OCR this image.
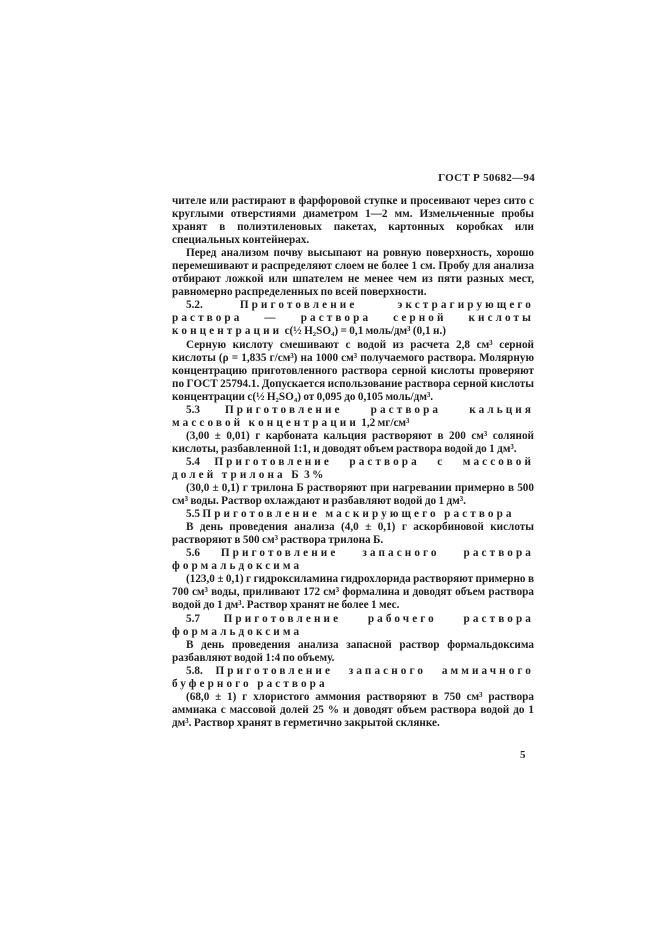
ГОСТ Р 50682—94

чителе или растирают в фарфоровой ступке и просеивают через сито с круглыми отверстиями диаметром 1—2 мм. Измельченные пробы хранят в полиэтиленовых пакетах, картонных коробках или специальных контейнерах.

Перед анализом почву высыпают на ровную поверхность, хорошо перемешивают и распределяют слоем не более 1 см. Пробу для анализа отбирают ложкой или шпателем не менее чем из пяти разных мест, равномерно распределенных по всей поверхности.

5.2.	Приготовление экстрагирующего раствора — раствора серной кислоты концентрации c(½ H₂SO₄) = 0,1 моль/дм³ (0,1 н.)

Серную кислоту смешивают с водой из расчета 2,8 см³ серной кислоты (ρ = 1,835 г/см³) на 1000 см³ получаемого раствора. Молярную концентрацию приготовленного раствора серной кислоты проверяют по ГОСТ 25794.1. Допускается использование раствора серной кислоты концентрации c(½ H₂SO₄) от 0,095 до 0,105 моль/дм³.

5.3 Приготовление раствора кальция массовой концентрации 1,2 мг/см³

(3,00 ± 0,01) г карбоната кальция растворяют в 200 см³ соляной кислоты, разбавленной 1:1, и доводят объем раствора водой до 1 дм³.

5.4 Приготовление раствора с массовой долей трилона Б 3 %

(30,0 ± 0,1) г трилона Б растворяют при нагревании примерно в 500 см³ воды. Раствор охлаждают и разбавляют водой до 1 дм³.

5.5 Приготовление маскирующего раствора

В день проведения анализа (4,0 ± 0,1) г аскорбиновой кислоты растворяют в 500 см³ раствора трилона Б.

5.6 Приготовление запасного раствора формальдоксима

(123,0 ± 0,1) г гидроксиламина гидрохлорида растворяют примерно в 700 см³ воды, приливают 172 см³ формалина и доводят объем раствора водой до 1 дм³. Раствор хранят не более 1 мес.

5.7 Приготовление рабочего раствора формальдоксима

В день проведения анализа запасной раствор формальдоксима разбавляют водой 1:4 по объему.

5.8. Приготовление запасного аммиачного буферного раствора

(68,0 ± 1) г хлористого аммония растворяют в 750 см³ раствора аммиака с массовой долей 25 % и доводят объем раствора водой до 1 дм³. Раствор хранят в герметично закрытой склянке.

5
